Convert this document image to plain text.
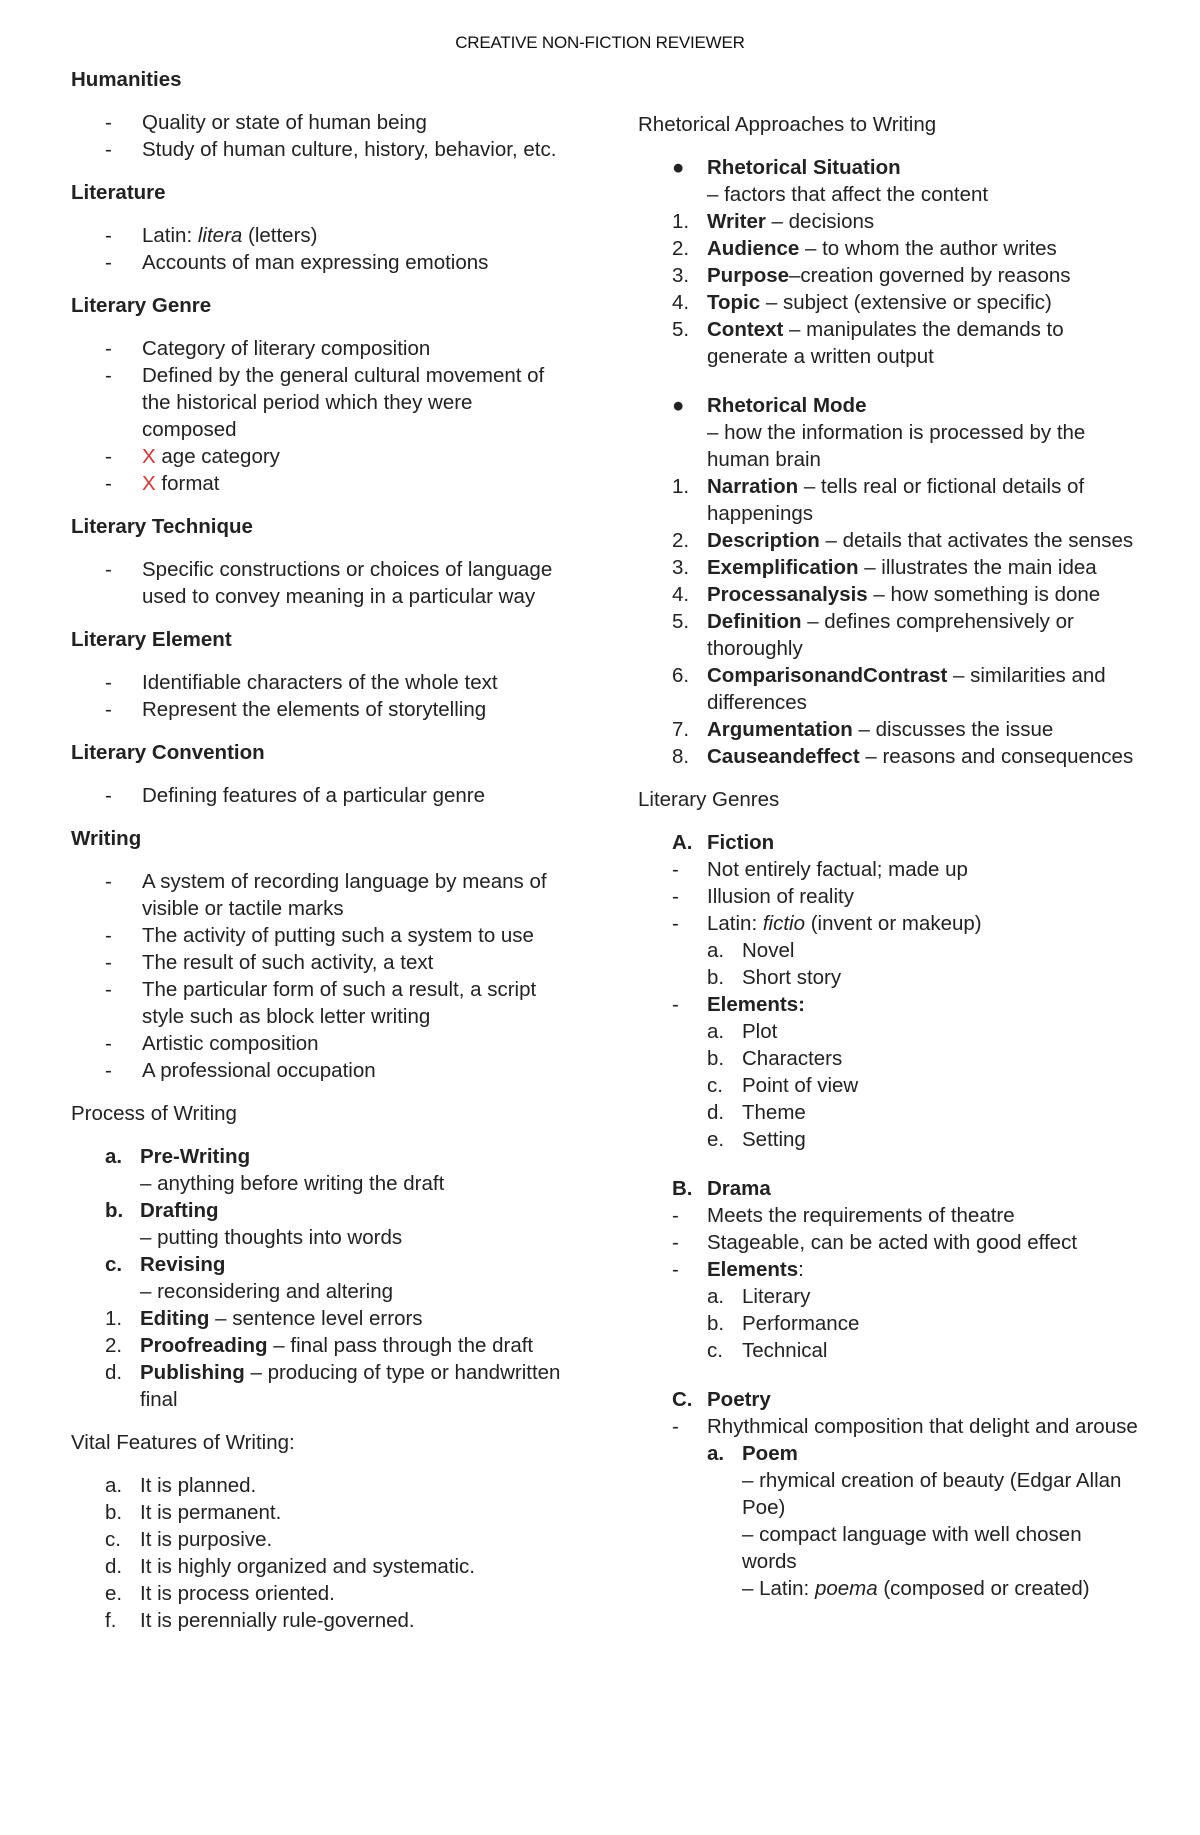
CREATIVE NON-FICTION REVIEWER

Humanities

-	Quality or state of human being
-	Study of human culture, history, behavior, etc.

Literature

-	Latin: litera (letters)
-	Accounts of man expressing emotions

Literary Genre

-	Category of literary composition
-	Defined by the general cultural movement of the historical period which they were composed
-	X age category
-	X format

Literary Technique

-	Specific constructions or choices of language used to convey meaning in a particular way

Literary Element

-	Identifiable characters of the whole text
-	Represent the elements of storytelling

Literary Convention

-	Defining features of a particular genre

Writing

-	A system of recording language by means of visible or tactile marks
-	The activity of putting such a system to use
-	The result of such activity, a text
-	The particular form of such a result, a script style such as block letter writing
-	Artistic composition
-	A professional occupation

Process of Writing

a. Pre-Writing
– anything before writing the draft
b. Drafting
– putting thoughts into words
c. Revising
– reconsidering and altering
1. Editing – sentence level errors
2. Proofreading – final pass through the draft
d. Publishing – producing of type or handwritten final

Vital Features of Writing:

a. It is planned.
b. It is permanent.
c. It is purposive.
d. It is highly organized and systematic.
e. It is process oriented.
f.	It is perennially rule-governed.

Rhetorical Approaches to Writing

●	Rhetorical Situation
– factors that affect the content
1. Writer – decisions
2. Audience – to whom the author writes
3. Purpose–creation governed by reasons
4. Topic – subject (extensive or specific)
5. Context – manipulates the demands to generate a written output
●	Rhetorical Mode
– how the information is processed by the human brain
1. Narration – tells real or fictional details of happenings
2. Description – details that activates the senses
3. Exemplification – illustrates the main idea
4. Processanalysis – how something is done
5. Definition – defines comprehensively or thoroughly
6. ComparisonandContrast – similarities and differences
7. Argumentation – discusses the issue
8. Causeandeffect – reasons and consequences

Literary Genres

A. Fiction
-	Not entirely factual; made up
-	Illusion of reality
-	Latin: fictio (invent or makeup)
a. Novel
b. Short story
-	Elements:
a. Plot
b. Characters
c. Point of view
d. Theme
e. Setting
B. Drama
-	Meets the requirements of theatre
-	Stageable, can be acted with good effect
-	Elements:
a. Literary
b. Performance
c. Technical
C. Poetry
-	Rhythmical composition that delight and arouse
a. Poem
– rhymical creation of beauty (Edgar Allan Poe)
– compact language with well chosen words
– Latin: poema (composed or created)
